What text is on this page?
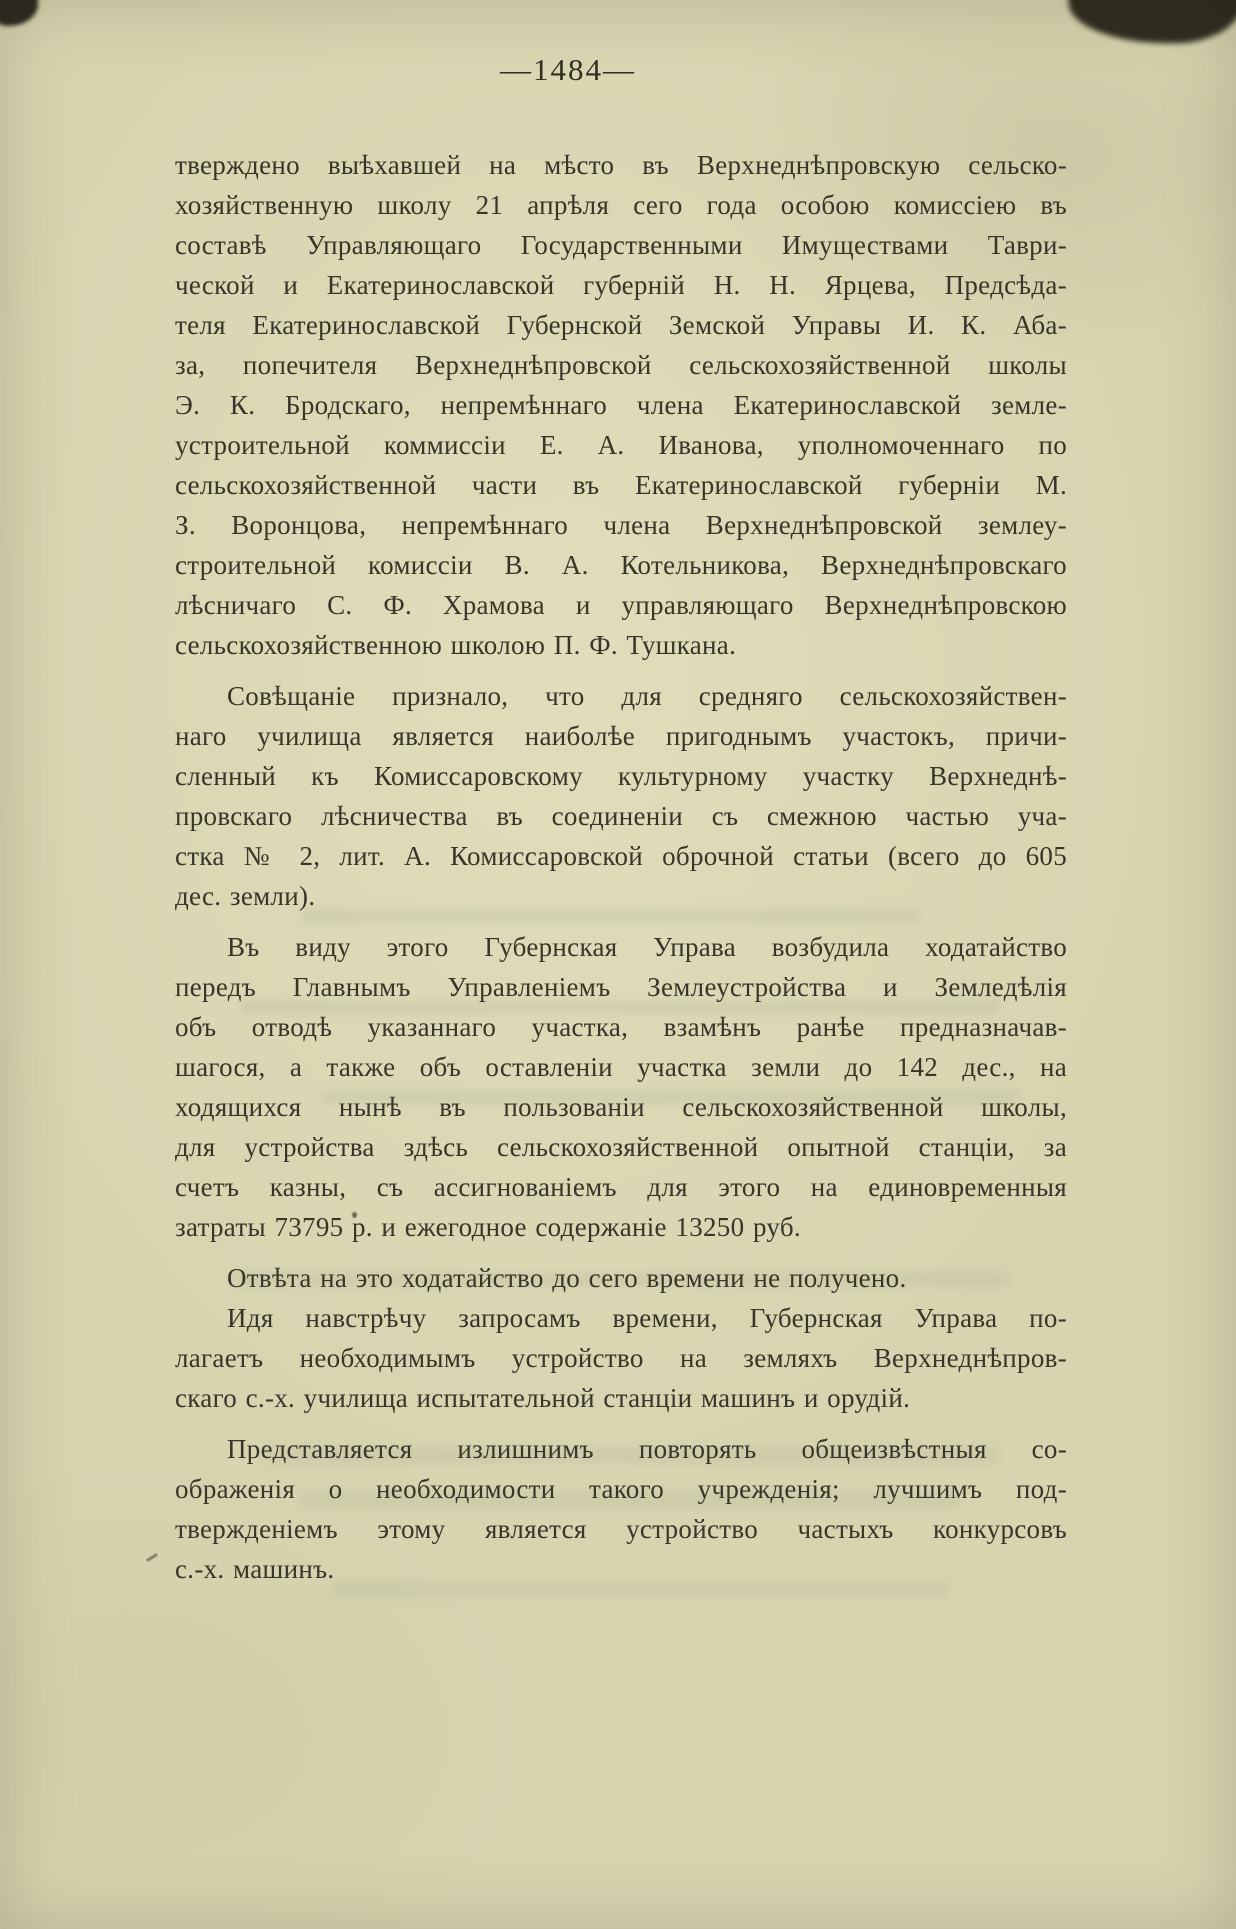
—1484—
тверждено выѣхавшей на мѣсто въ Верхнеднѣпровскую сельско-
хозяйственную школу 21 апрѣля сего года особою комиссіею въ
составѣ Управляющаго Государственными Имуществами Таври-
ческой и Екатеринославской губерній Н. Н. Ярцева, Предсѣда-
теля Екатеринославской Губернской Земской Управы И. К. Аба-
за, попечителя Верхнеднѣпровской сельскохозяйственной школы
Э. К. Бродскаго, непремѣннаго члена Екатеринославской земле-
устроительной коммиссіи Е. А. Иванова, уполномоченнаго по
сельскохозяйственной части въ Екатеринославской губерніи М.
З. Воронцова, непремѣннаго члена Верхнеднѣпровской землеу-
строительной комиссіи В. А. Котельникова, Верхнеднѣпровскаго
лѣсничаго С. Ф. Храмова и управляющаго Верхнеднѣпровскою
сельскохозяйственною школою П. Ф. Тушкана.
Совѣщаніе признало, что для средняго сельскохозяйствен-
наго училища является наиболѣе пригоднымъ участокъ, причи-
сленный къ Комиссаровскому культурному участку Верхнеднѣ-
провскаго лѣсничества въ соединеніи съ смежною частью уча-
стка № 2, лит. А. Комиссаровской оброчной статьи (всего до 605
дес. земли).
Въ виду этого Губернская Управа возбудила ходатайство
передъ Главнымъ Управленіемъ Землеустройства и Земледѣлія
объ отводѣ указаннаго участка, взамѣнъ ранѣе предназначав-
шагося, а также объ оставленіи участка земли до 142 дес., на
ходящихся нынѣ въ пользованіи сельскохозяйственной школы,
для устройства здѣсь сельскохозяйственной опытной станціи, за
счетъ казны, съ ассигнованіемъ для этого на единовременныя
затраты 73795 р. и ежегодное содержаніе 13250 руб.
Отвѣта на это ходатайство до сего времени не получено.
Идя навстрѣчу запросамъ времени, Губернская Управа по-
лагаетъ необходимымъ устройство на земляхъ Верхнеднѣпров-
скаго с.-х. училища испытательной станціи машинъ и орудій.
Представляется излишнимъ повторять общеизвѣстныя со-
ображенія о необходимости такого учрежденія; лучшимъ под-
твержденіемъ этому является устройство частыхъ конкурсовъ
с.-х. машинъ.
